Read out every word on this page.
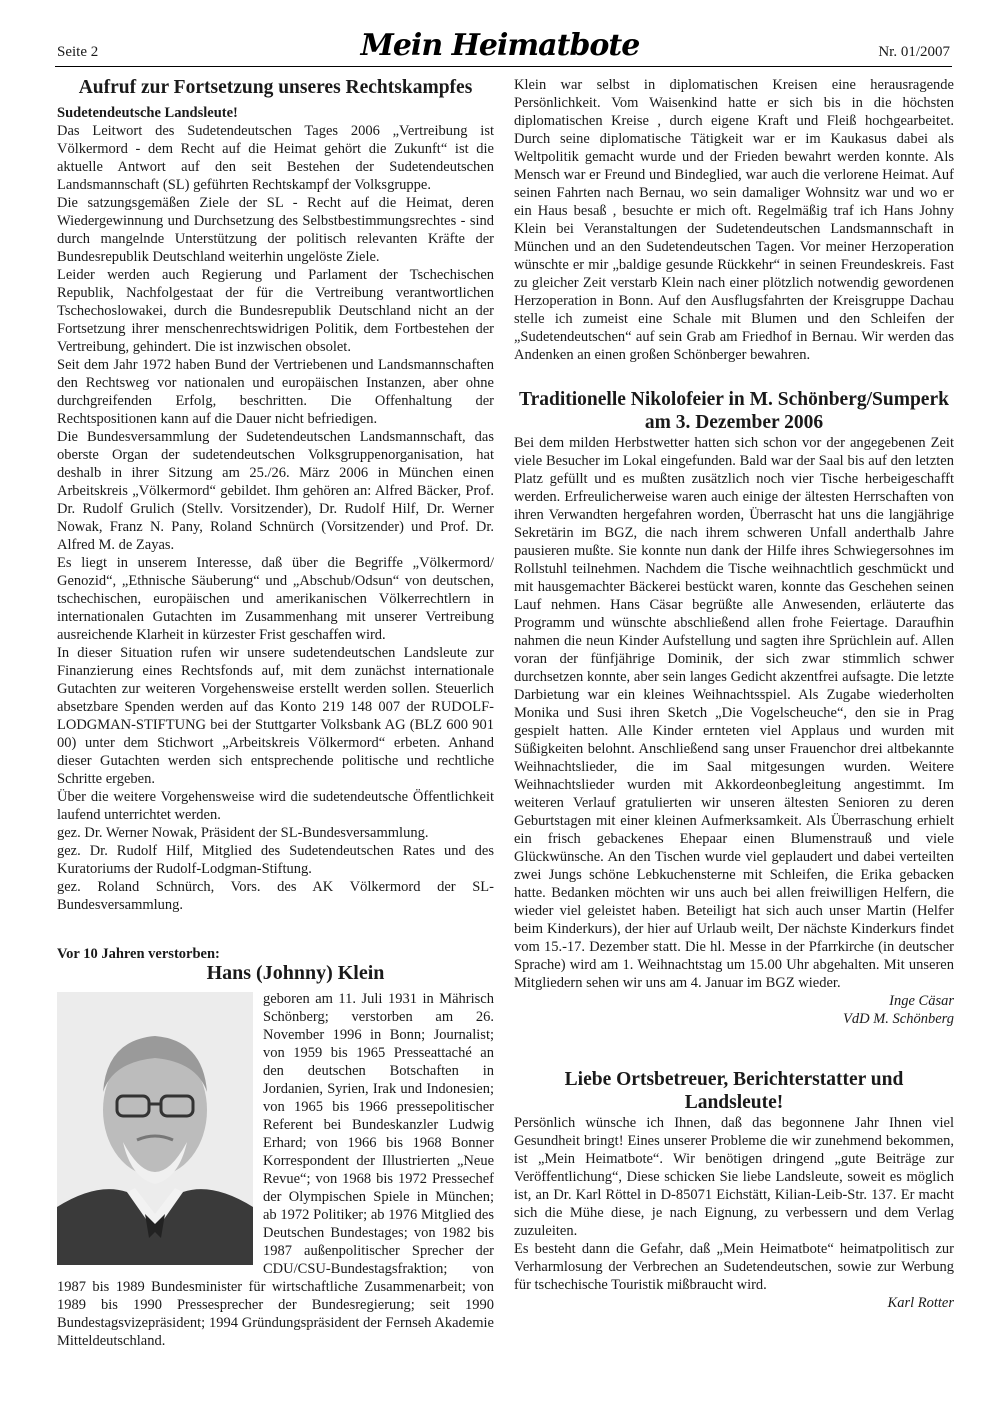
Seite 2	Mein Heimatbote	Nr. 01/2007
Aufruf zur Fortsetzung unseres Rechtskampfes
Sudetendeutsche Landsleute!

Das Leitwort des Sudetendeutschen Tages 2006 „Vertreibung ist Völkermord - dem Recht auf die Heimat gehört die Zukunft“ ist die aktuelle Antwort auf den seit Bestehen der Sudetendeutschen Landsmannschaft (SL) geführten Rechtskampf der Volksgruppe.

Die satzungsgemäßen Ziele der SL - Recht auf die Heimat, deren Wiedergewinnung und Durchsetzung des Selbstbestimmungsrechtes - sind durch mangelnde Unterstützung der politisch relevanten Kräfte der Bundesrepublik Deutschland weiterhin ungelöste Ziele.

Leider werden auch Regierung und Parlament der Tschechischen Republik, Nachfolgestaat der für die Vertreibung verantwortlichen Tschechoslowakei, durch die Bundesrepublik Deutschland nicht an der Fortsetzung ihrer menschenrechtswidrigen Politik, dem Fortbestehen der Vertreibung, gehindert. Die ist inzwischen obsolet.

Seit dem Jahr 1972 haben Bund der Vertriebenen und Landsmannschaften den Rechtsweg vor nationalen und europäischen Instanzen, aber ohne durchgreifenden Erfolg, beschritten. Die Offenhaltung der Rechtspositionen kann auf die Dauer nicht befriedigen.

Die Bundesversammlung der Sudetendeutschen Landsmannschaft, das oberste Organ der sudetendeutschen Volksgruppenorganisation, hat deshalb in ihrer Sitzung am 25./26. März 2006 in München einen Arbeitskreis „Völkermord“ gebildet. Ihm gehören an: Alfred Bäcker, Prof. Dr. Rudolf Grulich (Stellv. Vorsitzender), Dr. Rudolf Hilf, Dr. Werner Nowak, Franz N. Pany, Roland Schnürch (Vorsitzender) und Prof. Dr. Alfred M. de Zayas.

Es liegt in unserem Interesse, daß über die Begriffe „Völkermord/ Genozid“, „Ethnische Säuberung“ und „Abschub/Odsun“ von deutschen, tschechischen, europäischen und amerikanischen Völkerrechtlern in internationalen Gutachten im Zusammenhang mit unserer Vertreibung ausreichende Klarheit in kürzester Frist geschaffen wird.

In dieser Situation rufen wir unsere sudetendeutschen Landsleute zur Finanzierung eines Rechtsfonds auf, mit dem zunächst internationale Gutachten zur weiteren Vorgehensweise erstellt werden sollen. Steuerlich absetzbare Spenden werden auf das Konto 219 148 007 der RUDOLF-LODGMAN-STIFTUNG bei der Stuttgarter Volksbank AG (BLZ 600 901 00) unter dem Stichwort „Arbeitskreis Völkermord“ erbeten. Anhand dieser Gutachten werden sich entsprechende politische und rechtliche Schritte ergeben.

Über die weitere Vorgehensweise wird die sudetendeutsche Öffentlichkeit laufend unterrichtet werden.

gez. Dr. Werner Nowak, Präsident der SL-Bundesversammlung.

gez. Dr. Rudolf Hilf, Mitglied des Sudetendeutschen Rates und des Kuratoriums der Rudolf-Lodgman-Stiftung.

gez. Roland Schnürch, Vors. des AK Völkermord der SL-Bundesversammlung.

Vor 10 Jahren verstorben:
Hans (Johnny) Klein

geboren am 11. Juli 1931 in Mährisch Schönberg; verstorben am 26. November 1996 in Bonn; Journalist; von 1959 bis 1965 Presseattaché an den deutschen Botschaften in Jordanien, Syrien, Irak und Indonesien; von 1965 bis 1966 pressepolitischer Referent bei Bundeskanzler Ludwig Erhard; von 1966 bis 1968 Bonner Korrespondent der Illustrierten „Neue Revue“; von 1968 bis 1972 Pressechef der Olympischen Spiele in München; ab 1972 Politiker; ab 1976 Mitglied des Deutschen Bundestages; von 1982 bis 1987 außenpolitischer Sprecher der CDU/CSU-Bundestagsfraktion; von 1987 bis 1989 Bundesminister für wirtschaftliche Zusammenarbeit; von 1989 bis 1990 Pressesprecher der Bundesregierung; seit 1990 Bundestagsvizepräsident; 1994 Gründungspräsident der Fernseh Akademie Mitteldeutschland.

Klein war selbst in diplomatischen Kreisen eine herausragende Persönlichkeit. Vom Waisenkind hatte er sich bis in die höchsten diplomatischen Kreise , durch eigene Kraft und Fleiß hochgearbeitet. Durch seine diplomatische Tätigkeit war er im Kaukasus dabei als Weltpolitik gemacht wurde und der Frieden bewahrt werden konnte. Als Mensch war er Freund und Bindeglied, war auch die verlorene Heimat. Auf seinen Fahrten nach Bernau, wo sein damaliger Wohnsitz war und wo er ein Haus besaß , besuchte er mich oft. Regelmäßig traf ich Hans Johny Klein bei Veranstaltungen der Sudetendeutschen Landsmannschaft in München und an den Sudetendeutschen Tagen. Vor meiner Herzoperation wünschte er mir „baldige gesunde Rückkehr“ in seinen Freundeskreis. Fast zu gleicher Zeit verstarb Klein nach einer plötzlich notwendig gewordenen Herzoperation in Bonn. Auf den Ausflugsfahrten der Kreisgruppe Dachau stelle ich zumeist eine Schale mit Blumen und den Schleifen der „Sudetendeutschen“ auf sein Grab am Friedhof in Bernau. Wir werden das Andenken an einen großen Schönberger bewahren.

Traditionelle Nikolofeier in M. Schönberg/Sumperk am 3. Dezember 2006

Bei dem milden Herbstwetter hatten sich schon vor der angegebenen Zeit viele Besucher im Lokal eingefunden. Bald war der Saal bis auf den letzten Platz gefüllt und es mußten zusätzlich noch vier Tische herbeigeschafft werden. Erfreulicherweise waren auch einige der ältesten Herrschaften von ihren Verwandten hergefahren worden, Überrascht hat uns die langjährige Sekretärin im BGZ, die nach ihrem schweren Unfall anderthalb Jahre pausieren mußte. Sie konnte nun dank der Hilfe ihres Schwiegersohnes im Rollstuhl teilnehmen. Nachdem die Tische weihnachtlich geschmückt und mit hausgemachter Bäckerei bestückt waren, konnte das Geschehen seinen Lauf nehmen. Hans Cäsar begrüßte alle Anwesenden, erläuterte das Programm und wünschte abschließend allen frohe Feiertage. Daraufhin nahmen die neun Kinder Aufstellung und sagten ihre Sprüchlein auf. Allen voran der fünfjährige Dominik, der sich zwar stimmlich schwer durchsetzen konnte, aber sein langes Gedicht akzentfrei aufsagte. Die letzte Darbietung war ein kleines Weihnachtsspiel. Als Zugabe wiederholten Monika und Susi ihren Sketch „Die Vogelscheuche“, den sie in Prag gespielt hatten. Alle Kinder ernteten viel Applaus und wurden mit Süßigkeiten belohnt. Anschließend sang unser Frauenchor drei altbekannte Weihnachtslieder, die im Saal mitgesungen wurden. Weitere Weihnachtslieder wurden mit Akkordeonbegleitung angestimmt. Im weiteren Verlauf gratulierten wir unseren ältesten Senioren zu deren Geburtstagen mit einer kleinen Aufmerksamkeit. Als Überraschung erhielt ein frisch gebackenes Ehepaar einen Blumenstrauß und viele Glückwünsche. An den Tischen wurde viel geplaudert und dabei verteilten zwei Jungs schöne Lebkuchensterne mit Schleifen, die Erika gebacken hatte. Bedanken möchten wir uns auch bei allen freiwilligen Helfern, die wieder viel geleistet haben. Beteiligt hat sich auch unser Martin (Helfer beim Kinderkurs), der hier auf Urlaub weilt, Der nächste Kinderkurs findet vom 15.-17. Dezember statt. Die hl. Messe in der Pfarrkirche (in deutscher Sprache) wird am 1. Weihnachtstag um 15.00 Uhr abgehalten. Mit unseren Mitgliedern sehen wir uns am 4. Januar im BGZ wieder.

Inge Cäsar
VdD M. Schönberg
Liebe Ortsbetreuer, Berichterstatter und Landsleute!

Persönlich wünsche ich Ihnen, daß das begonnene Jahr Ihnen viel Gesundheit bringt! Eines unserer Probleme die wir zunehmend bekommen, ist „Mein Heimatbote“. Wir benötigen dringend „gute Beiträge zur Veröffentlichung“, Diese schicken Sie liebe Landsleute, soweit es möglich ist, an Dr. Karl Röttel in D-85071 Eichstätt, Kilian-Leib-Str. 137. Er macht sich die Mühe diese, je nach Eignung, zu verbessern und dem Verlag zuzuleiten.

Es besteht dann die Gefahr, daß „Mein Heimatbote“ heimatpolitisch zur Verharmlosung der Verbrechen an Sudetendeutschen, sowie zur Werbung für tschechische Touristik mißbraucht wird.

Karl Rotter
